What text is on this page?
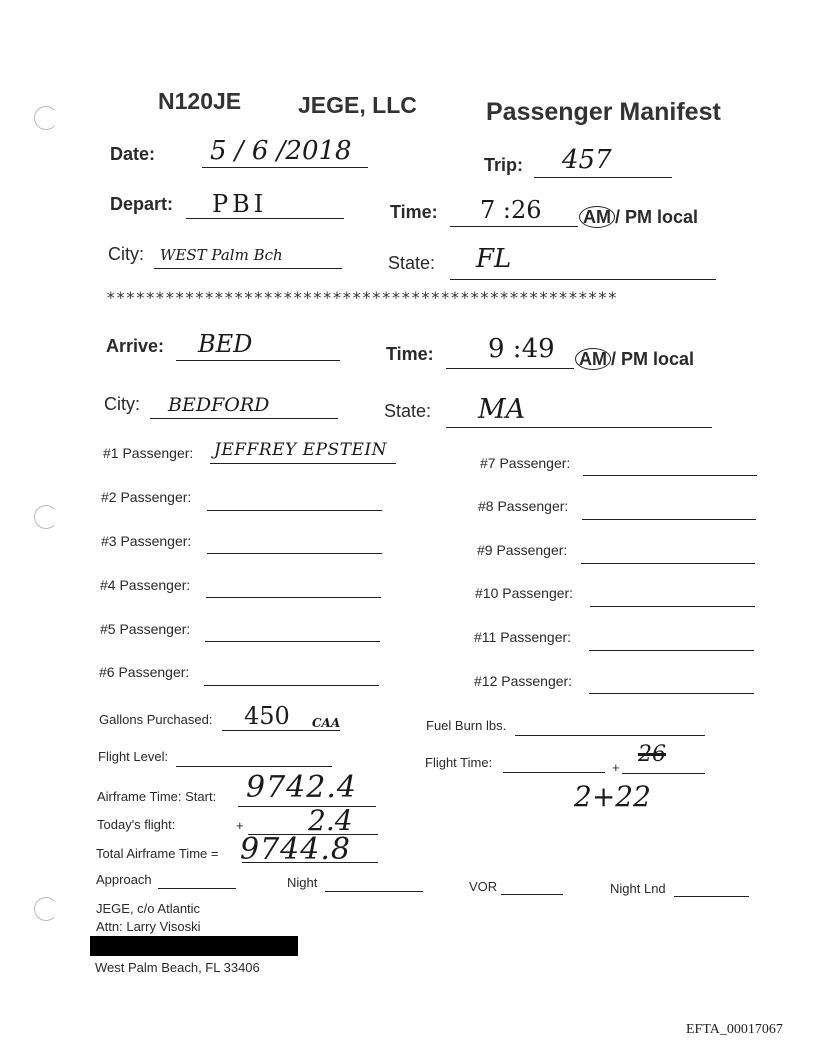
N120JE JEGE, LLC	Passenger Manifest
Date: 5 / 6 /2018	Trip: 457
Depart: PBI	Time: 7 :26 AM / PM local
City: WEST Palm Bch	State: FL
****************************************************
Arrive: BED	Time: 9 :49 AM / PM local
City: BEDFORD	State: MA
#1 Passenger: JEFFREY EPSTEIN
#2 Passenger:
#3 Passenger:
#4 Passenger:
#5 Passenger:
#6 Passenger:
#7 Passenger:
#8 Passenger:
#9 Passenger:
#10 Passenger:
#11 Passenger:
#12 Passenger:
Gallons Purchased: 450 CAA	Fuel Burn lbs.
Flight Level:	Flight Time:	+
26
2+22
Airframe Time: Start: 9742.4
Today's flight:	+ 2.4
Total Airframe Time = 9744.8
Approach	Night	VOR	Night Lnd
JEGE, c/o Atlantic
Attn: Larry Visoski
West Palm Beach, FL 33406
EFTA_00017067
